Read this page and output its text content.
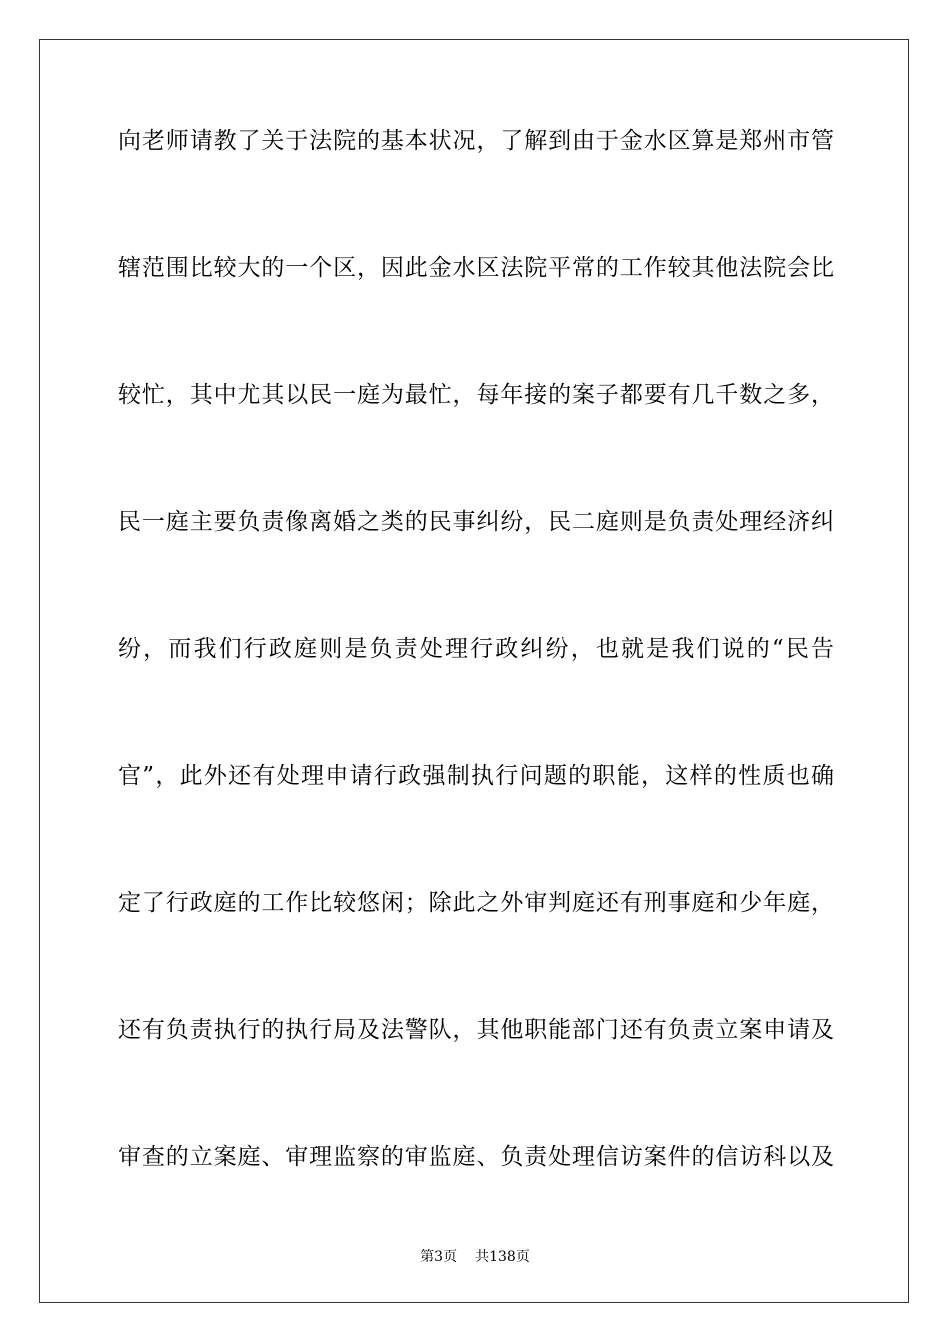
向老师请教了关于法院的基本状况，了解到由于金水区算是郑州市管
辖范围比较大的一个区，因此金水区法院平常的工作较其他法院会比
较忙，其中尤其以民一庭为最忙，每年接的案子都要有几千数之多，
民一庭主要负责像离婚之类的民事纠纷，民二庭则是负责处理经济纠
纷，而我们行政庭则是负责处理行政纠纷，也就是我们说的“民告
官”，此外还有处理申请行政强制执行问题的职能，这样的性质也确
定了行政庭的工作比较悠闲；除此之外审判庭还有刑事庭和少年庭，
还有负责执行的执行局及法警队，其他职能部门还有负责立案申请及
审查的立案庭、审理监察的审监庭、负责处理信访案件的信访科以及
第3页 共138页
